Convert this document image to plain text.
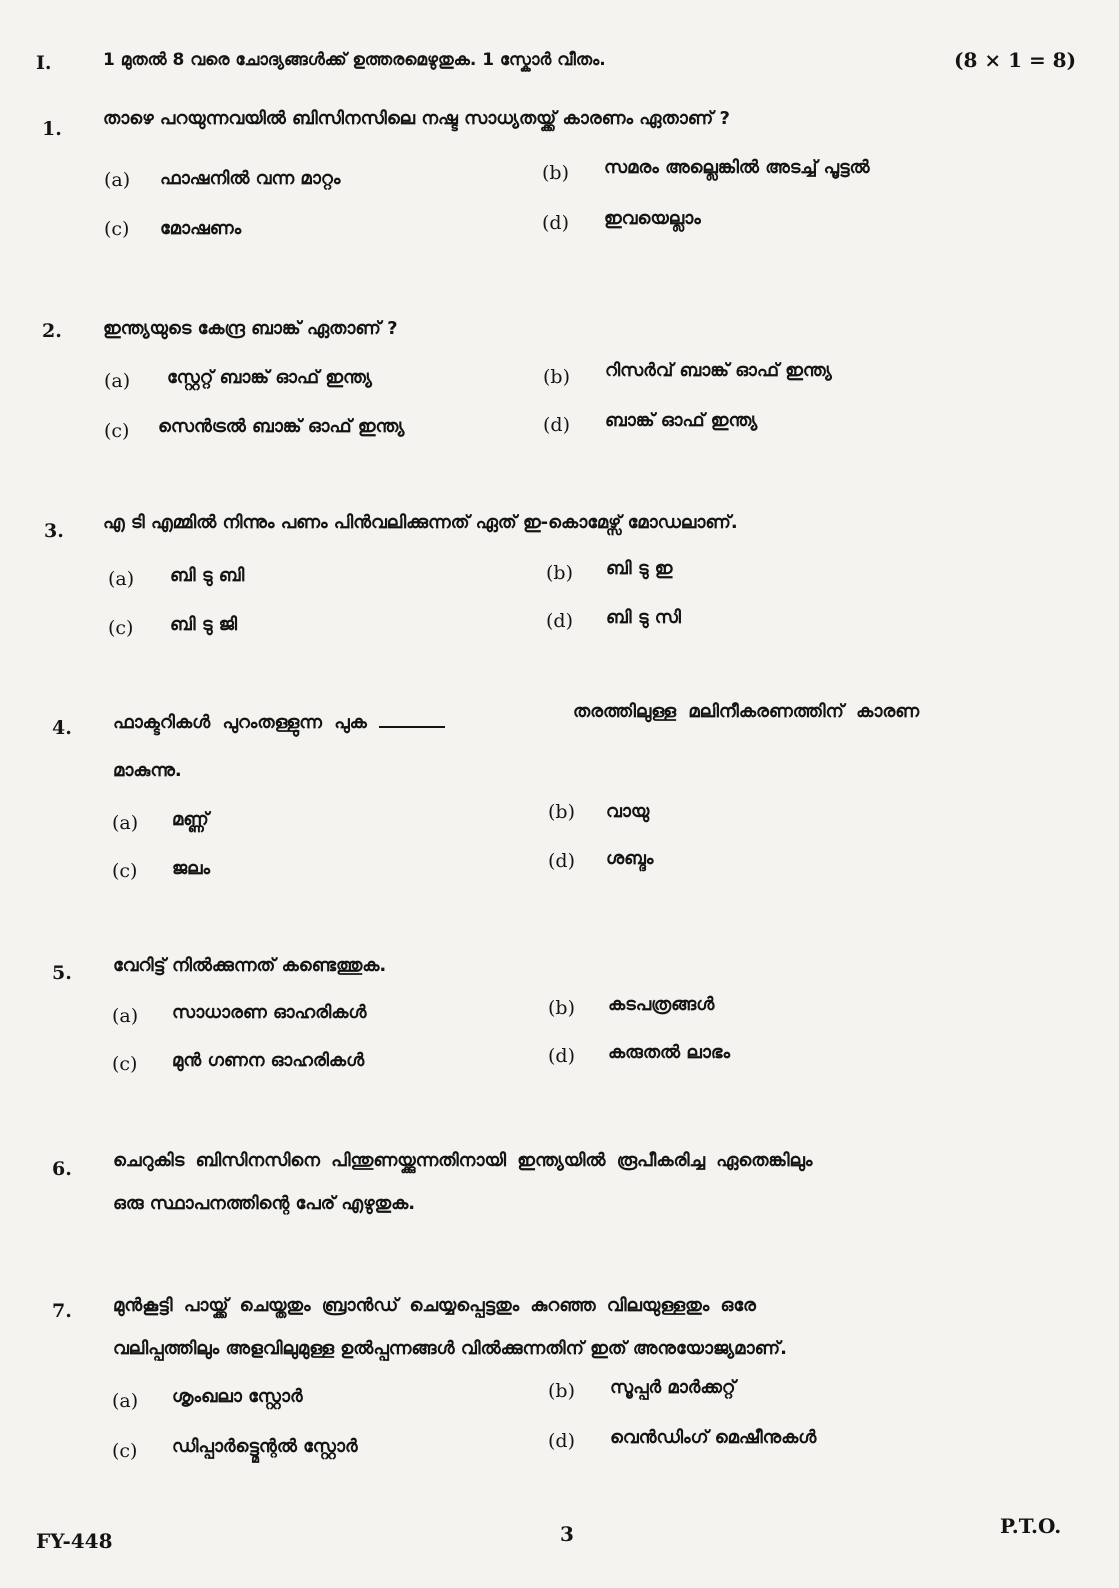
I.	1 മുതൽ 8 വരെ ചോദ്യങ്ങൾക്ക് ഉത്തരമെഴുതുക. 1 സ്കോർ വീതം.	(8 × 1 = 8)
1. താഴെ പറയുന്നവയിൽ ബിസിനസിലെ നഷ്ട സാധ്യതയ്ക്ക് കാരണം ഏതാണ് ?
(a) ഫാഷനിൽ വന്ന മാറ്റം	(b) സമരം അല്ലെങ്കിൽ അടച്ച് പൂട്ടൽ
(c) മോഷണം	(d) ഇവയെല്ലാം
2. ഇന്ത്യയുടെ കേന്ദ്ര ബാങ്ക് ഏതാണ് ?
(a) സ്റ്റേറ്റ് ബാങ്ക് ഓഫ് ഇന്ത്യ	(b) റിസർവ് ബാങ്ക് ഓഫ് ഇന്ത്യ
(c) സെൻട്രൽ ബാങ്ക് ഓഫ് ഇന്ത്യ	(d) ബാങ്ക് ഓഫ് ഇന്ത്യ
3. എ ടി എമ്മിൽ നിന്നും പണം പിൻവലിക്കുന്നത് ഏത് ഇ-കൊമേഴ്സ് മോഡലാണ്.
(a) ബി ടു ബി	(b) ബി ടു ഇ
(c) ബി ടു ജി	(d) ബി ടു സി
4. ഫാക്ടറികൾ പുറംതള്ളുന്ന പുക
തരത്തിലുള്ള മലിനീകരണത്തിന് കാരണ
മാകുന്നു.
(a) മണ്ണ്	(b) വായു
(c) ജലം	(d) ശബ്ദം
5. വേറിട്ട് നിൽക്കുന്നത് കണ്ടെത്തുക.
(a) സാധാരണ ഓഹരികൾ	(b) കടപത്രങ്ങൾ
(c) മുൻ ഗണന ഓഹരികൾ	(d) കരുതൽ ലാഭം
6. ചെറുകിട ബിസിനസിനെ പിന്തുണയ്ക്കുന്നതിനായി ഇന്ത്യയിൽ രൂപീകരിച്ച ഏതെങ്കിലും
ഒരു സ്ഥാപനത്തിന്റെ പേര് എഴുതുക.
7. മുൻകൂട്ടി പായ്ക്ക് ചെയ്തതും ബ്രാൻഡ് ചെയ്യപ്പെട്ടതും കുറഞ്ഞ വിലയുള്ളതും ഒരേ
വലിപ്പത്തിലും അളവിലുമുള്ള ഉൽപ്പന്നങ്ങൾ വിൽക്കുന്നതിന് ഇത് അനുയോജ്യമാണ്.
(a) ശൃംഖലാ സ്റ്റോർ	(b) സൂപ്പർ മാർക്കറ്റ്
(c) ഡിപ്പാർട്ട്മെന്റൽ സ്റ്റോർ	(d) വെൻഡിംഗ് മെഷീനുകൾ
FY-448	3	P.T.O.
